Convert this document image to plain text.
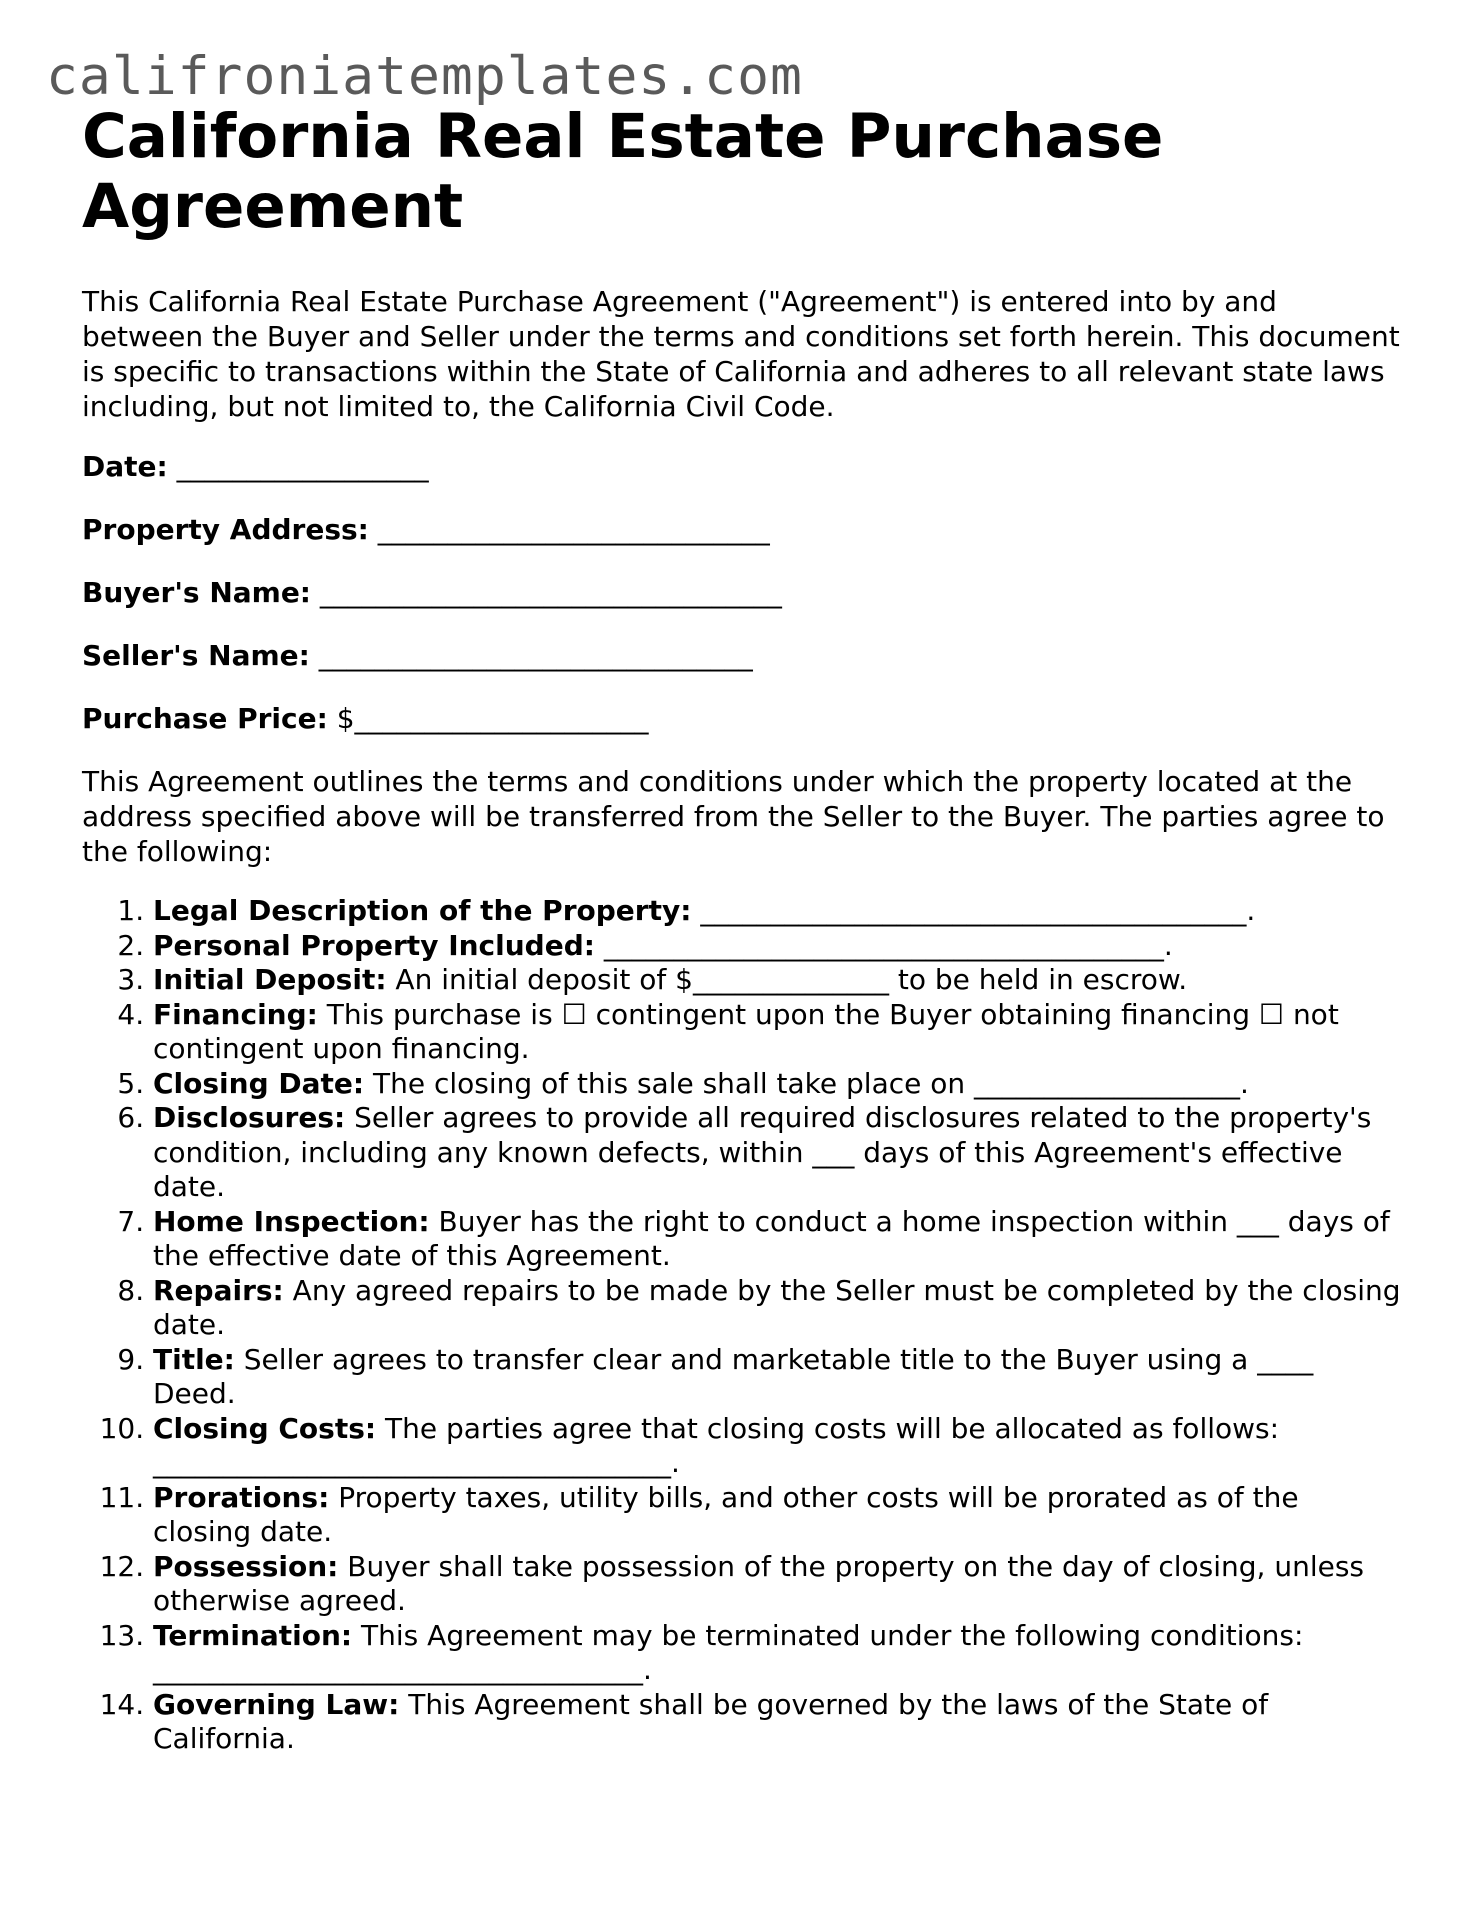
califroniatemplates.com
California Real Estate Purchase Agreement

This California Real Estate Purchase Agreement ("Agreement") is entered into by and between the Buyer and Seller under the terms and conditions set forth herein. This document is specific to transactions within the State of California and adheres to all relevant state laws including, but not limited to, the California Civil Code.

Date: __________________
Property Address: ____________________________
Buyer's Name: _________________________________
Seller's Name: _______________________________
Purchase Price: $_____________________

This Agreement outlines the terms and conditions under which the property located at the address specified above will be transferred from the Seller to the Buyer. The parties agree to the following:

1. Legal Description of the Property: _______________________________________.
2. Personal Property Included: ________________________________________.
3. Initial Deposit: An initial deposit of $______________ to be held in escrow.
4. Financing: This purchase is ☐ contingent upon the Buyer obtaining financing ☐ not contingent upon financing.
5. Closing Date: The closing of this sale shall take place on ___________________.
6. Disclosures: Seller agrees to provide all required disclosures related to the property's condition, including any known defects, within ___ days of this Agreement's effective date.
7. Home Inspection: Buyer has the right to conduct a home inspection within ___ days of the effective date of this Agreement.
8. Repairs: Any agreed repairs to be made by the Seller must be completed by the closing date.
9. Title: Seller agrees to transfer clear and marketable title to the Buyer using a ____ Deed.
10. Closing Costs: The parties agree that closing costs will be allocated as follows: _____________________________________.
11. Prorations: Property taxes, utility bills, and other costs will be prorated as of the closing date.
12. Possession: Buyer shall take possession of the property on the day of closing, unless otherwise agreed.
13. Termination: This Agreement may be terminated under the following conditions: ___________________________________.
14. Governing Law: This Agreement shall be governed by the laws of the State of California.
